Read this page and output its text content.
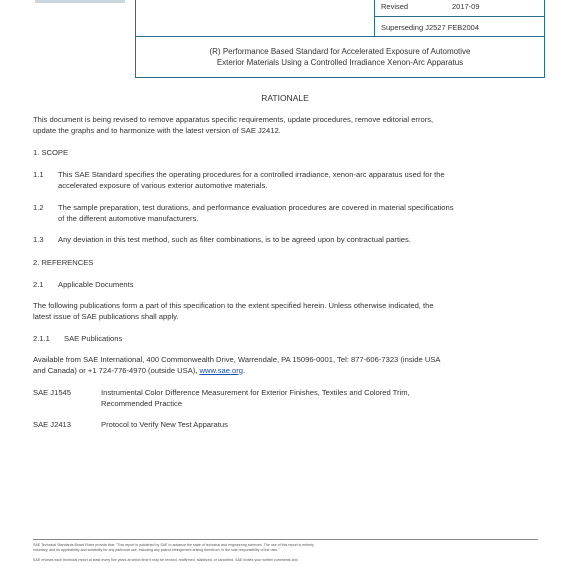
Revised	2017-09
Superseding J2527 FEB2004
(R) Performance Based Standard for Accelerated Exposure of Automotive
Exterior Materials Using a Controlled Irradiance Xenon-Arc Apparatus
RATIONALE
This document is being revised to remove apparatus specific requirements, update procedures, remove editorial errors,
update the graphs and to harmonize with the latest version of SAE J2412.
1. SCOPE
1.1 This SAE Standard specifies the operating procedures for a controlled irradiance, xenon-arc apparatus used for the
accelerated exposure of various exterior automotive materials.
1.2 The sample preparation, test durations, and performance evaluation procedures are covered in material specifications
of the different automotive manufacturers.
1.3 Any deviation in this test method, such as filter combinations, is to be agreed upon by contractual parties.
2. REFERENCES
2.1 Applicable Documents
The following publications form a part of this specification to the extent specified herein. Unless otherwise indicated, the
latest issue of SAE publications shall apply.
2.1.1 SAE Publications
Available from SAE International, 400 Commonwealth Drive, Warrendale, PA 15096-0001, Tel: 877-606-7323 (inside USA
and Canada) or +1 724-776-4970 (outside USA), www.sae.org.
SAE J1545	Instrumental Color Difference Measurement for Exterior Finishes, Textiles and Colored Trim,
Recommended Practice
SAE J2413	Protocol to Verify New Test Apparatus
SAE Technical Standards Board Rules provide that: "This report is published by SAE to advance the state of technical and engineering sciences. The use of this report is entirely
voluntary, and its applicability and suitability for any particular use, including any patent infringement arising therefrom, is the sole responsibility of the user."
SAE reviews each technical report at least every five years at which time it may be revised, reaffirmed, stabilized, or cancelled. SAE invites your written comments and
